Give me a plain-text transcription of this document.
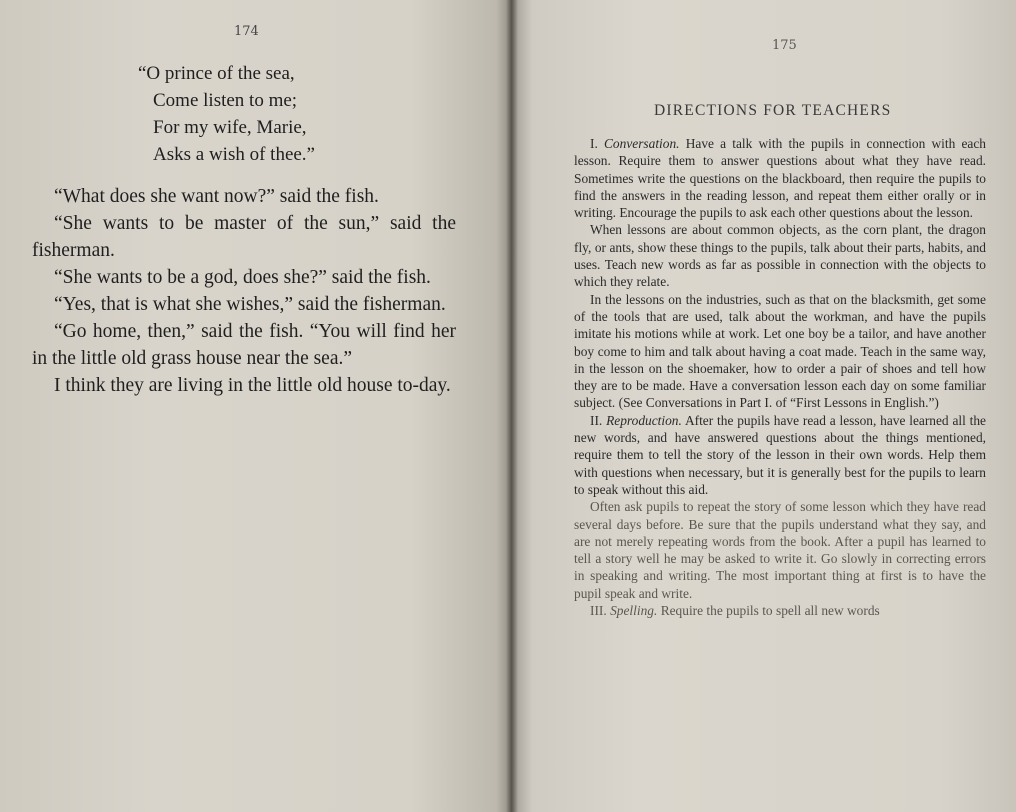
174
“O prince of the sea,
Come listen to me;
For my wife, Marie,
Asks a wish of thee.”

“What does she want now?” said the fish.

“She wants to be master of the sun,” said the fisherman.

“She wants to be a god, does she?” said the fish.

“Yes, that is what she wishes,” said the fisherman.

“Go home, then,” said the fish. “You will find her in the little old grass house near the sea.”

I think they are living in the little old house to-day.

175
DIRECTIONS FOR TEACHERS

I. Conversation. Have a talk with the pupils in connection with each lesson. Require them to answer questions about what they have read. Sometimes write the questions on the blackboard, then require the pupils to find the answers in the reading lesson, and repeat them either orally or in writing. Encourage the pupils to ask each other questions about the lesson.

When lessons are about common objects, as the corn plant, the dragon fly, or ants, show these things to the pupils, talk about their parts, habits, and uses. Teach new words as far as possible in connection with the objects to which they relate.

In the lessons on the industries, such as that on the blacksmith, get some of the tools that are used, talk about the workman, and have the pupils imitate his motions while at work. Let one boy be a tailor, and have another boy come to him and talk about having a coat made. Teach in the same way, in the lesson on the shoemaker, how to order a pair of shoes and tell how they are to be made. Have a conversation lesson each day on some familiar subject. (See Conversations in Part I. of “First Lessons in English.”)

II. Reproduction. After the pupils have read a lesson, have learned all the new words, and have answered questions about the things mentioned, require them to tell the story of the lesson in their own words. Help them with questions when necessary, but it is generally best for the pupils to learn to speak without this aid.

Often ask pupils to repeat the story of some lesson which they have read several days before. Be sure that the pupils understand what they say, and are not merely repeating words from the book. After a pupil has learned to tell a story well he may be asked to write it. Go slowly in correcting errors in speaking and writing. The most important thing at first is to have the pupil speak and write.

III. Spelling. Require the pupils to spell all new words
